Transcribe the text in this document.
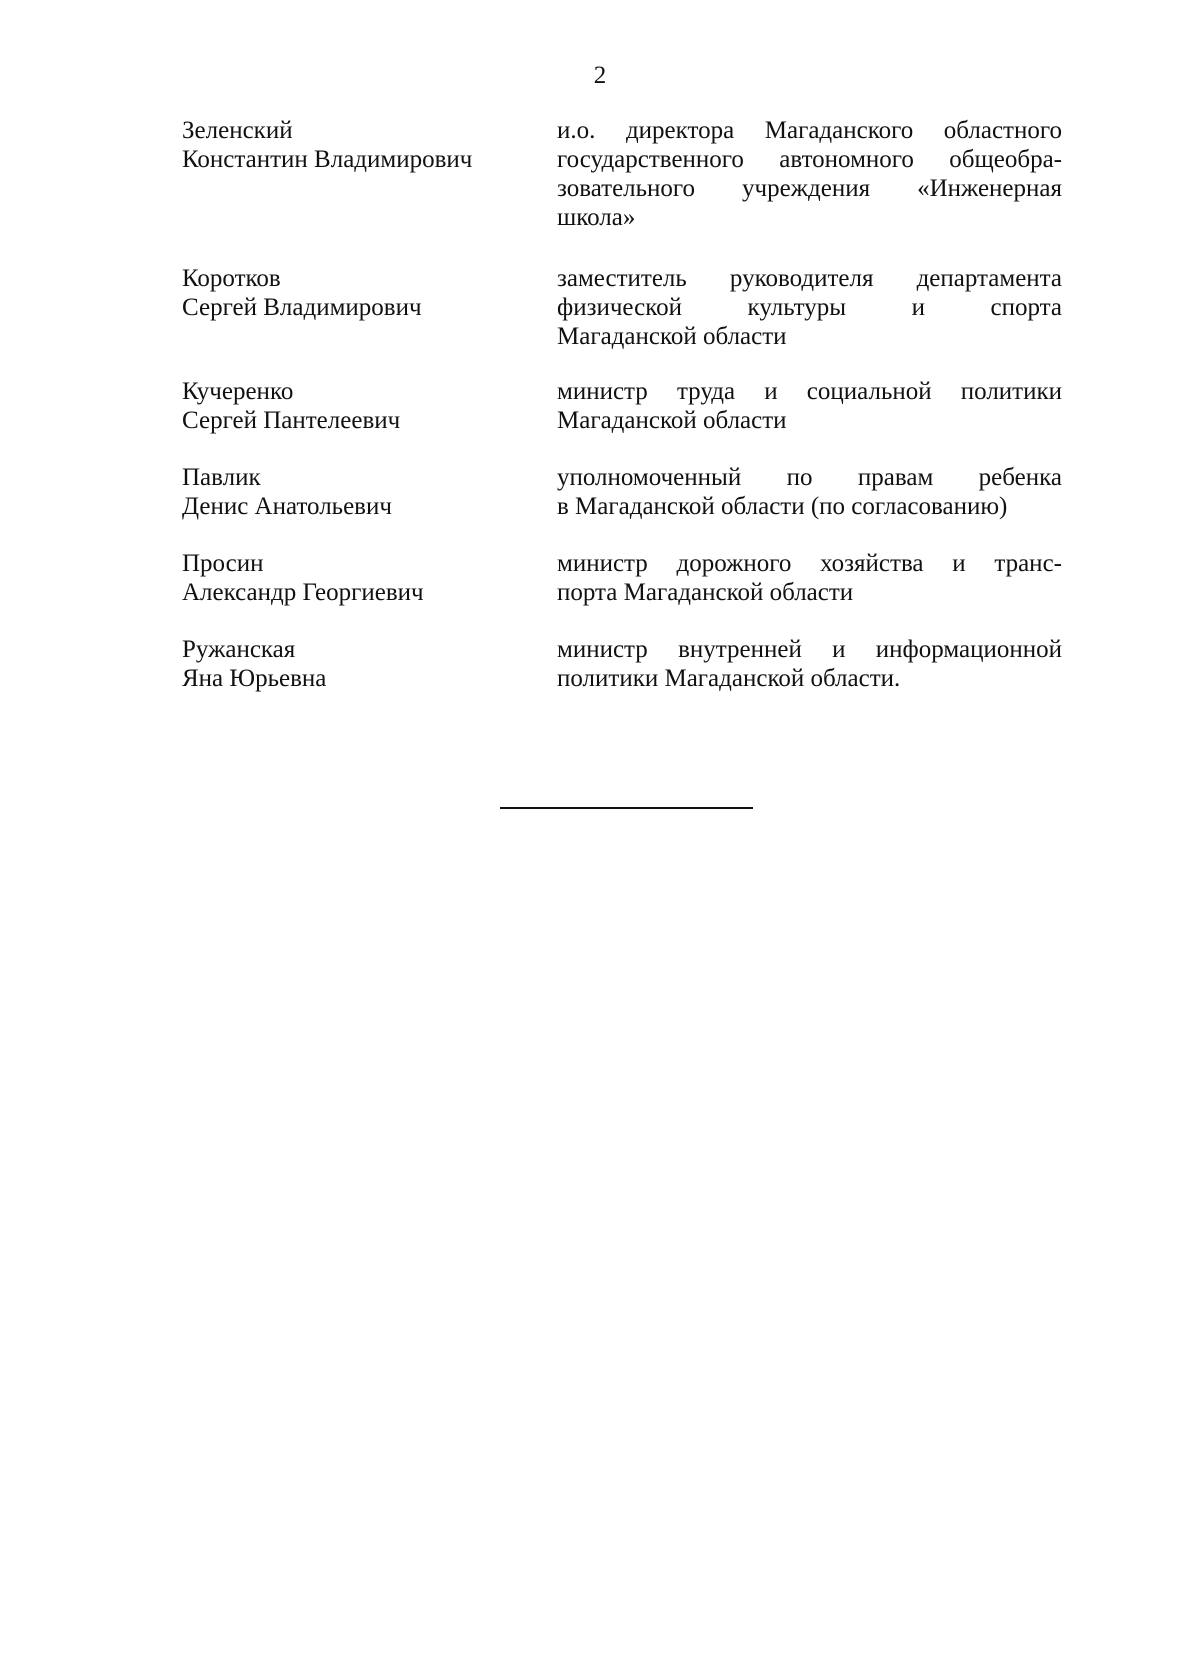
2
Зеленский
Константин Владимирович
и.о. директора Магаданского областного
государственного автономного общеобра-
зовательного учреждения «Инженерная
школа»
Коротков
Сергей Владимирович
заместитель руководителя департамента
физической культуры и спорта
Магаданской области
Кучеренко
Сергей Пантелеевич
министр труда и социальной политики
Магаданской области
Павлик
Денис Анатольевич
уполномоченный по правам ребенка
в Магаданской области (по согласованию)
Просин
Александр Георгиевич
министр дорожного хозяйства и транс-
порта Магаданской области
Ружанская
Яна Юрьевна
министр внутренней и информационной
политики Магаданской области.
